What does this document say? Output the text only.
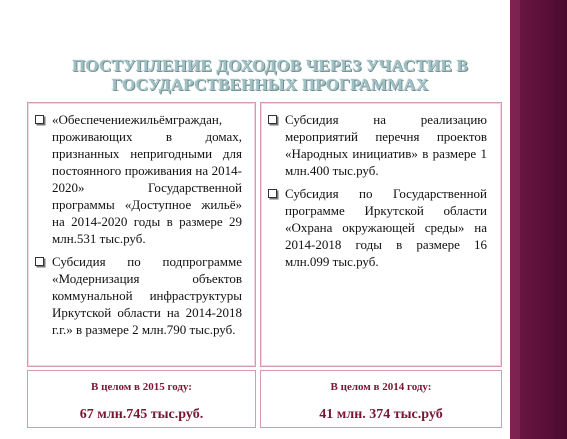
ПОСТУПЛЕНИЕ ДОХОДОВ ЧЕРЕЗ УЧАСТИЕ В ГОСУДАРСТВЕННЫХ ПРОГРАММАХ

«Обеспечениежильёмграждан, проживающих в домах, признанных непригодными для постоянного проживания на 2014-2020» Государственной программы «Доступное жильё» на 2014-2020 годы в размере 29 млн.531 тыс.руб.

Субсидия по подпрограмме «Модернизация объектов коммунальной инфраструктуры Иркутской области на 2014-2018 г.г.» в размере 2 млн.790 тыс.руб.

Субсидия на реализацию мероприятий перечня проектов «Народных инициатив» в размере 1 млн.400 тыс.руб.

Субсидия по Государственной программе Иркутской области «Охрана окружающей среды» на 2014-2018 годы в размере 16 млн.099 тыс.руб.

В целом в 2015 году:
67 млн.745 тыс.руб.
В целом в 2014 году:
41 млн. 374 тыс.руб
